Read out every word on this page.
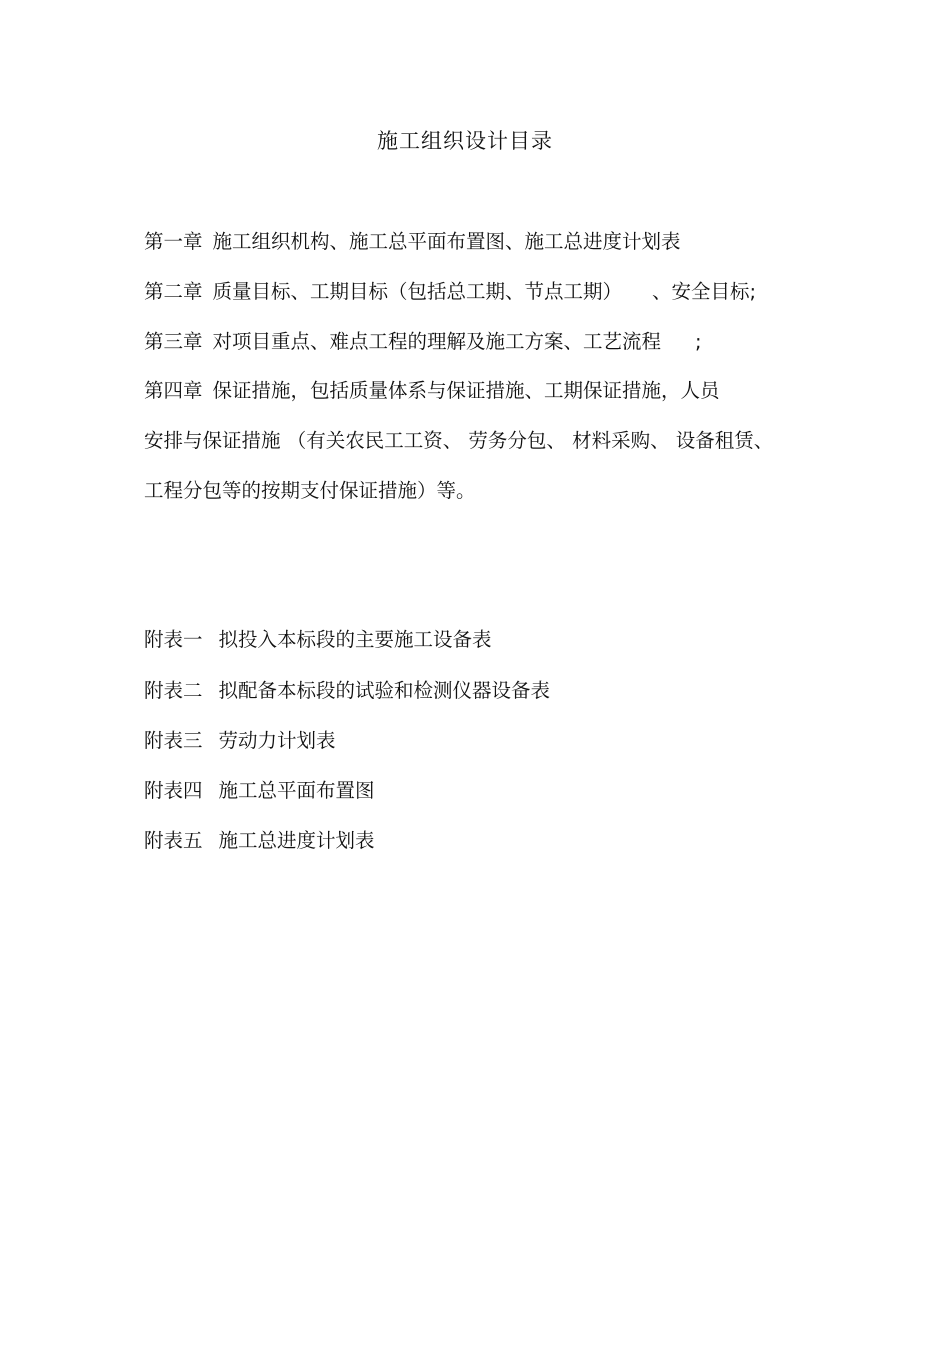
施工组织设计目录
第一章 施工组织机构、施工总平面布置图、施工总进度计划表
第二章 质量目标、工期目标（包括总工期、节点工期） 、安全目标;
第三章 对项目重点、难点工程的理解及施工方案、工艺流程 ;
第四章 保证措施，包括质量体系与保证措施、工期保证措施，人员
安排与保证措施 （有关农民工工资、 劳务分包、 材料采购、 设备租赁、
工程分包等的按期支付保证措施）等。
附表一 拟投入本标段的主要施工设备表
附表二 拟配备本标段的试验和检测仪器设备表
附表三 劳动力计划表
附表四 施工总平面布置图
附表五 施工总进度计划表
